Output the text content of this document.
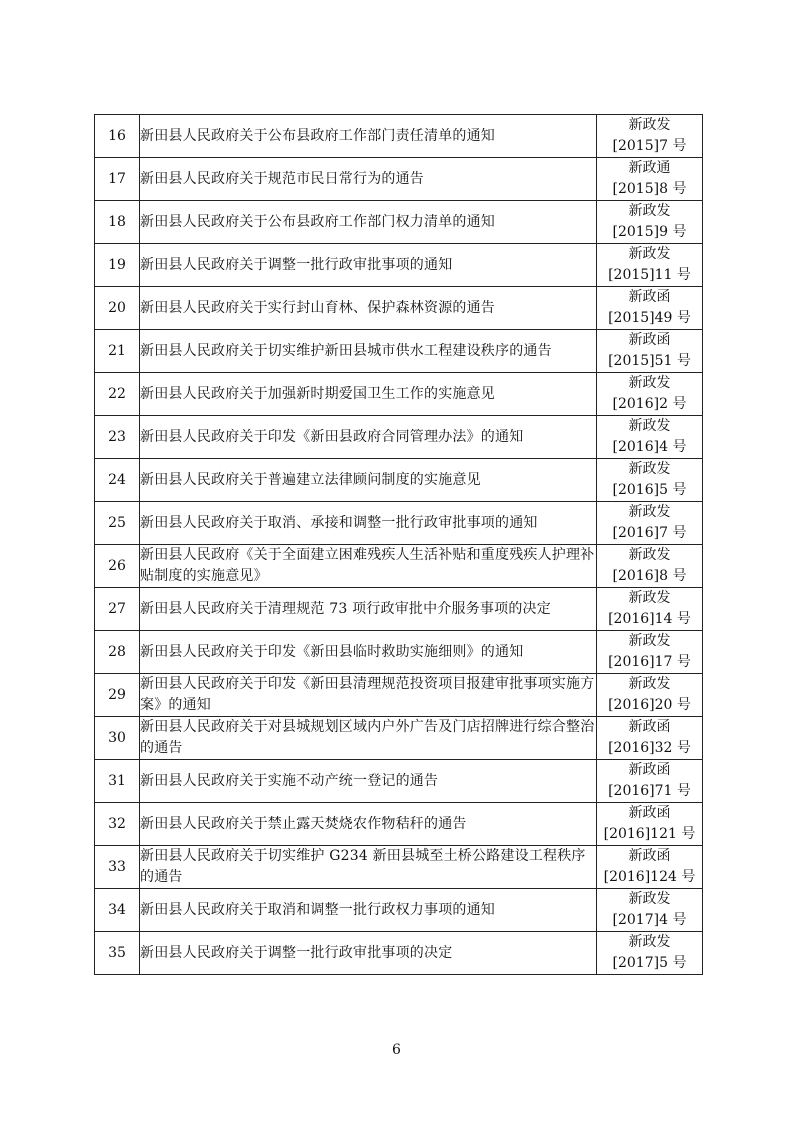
16	新田县人民政府关于公布县政府工作部门责任清单的通知	新政发
[2015]7 号

17	新田县人民政府关于规范市民日常行为的通告	新政通
[2015]8 号

18	新田县人民政府关于公布县政府工作部门权力清单的通知	新政发
[2015]9 号

19	新田县人民政府关于调整一批行政审批事项的通知	新政发
[2015]11 号

20	新田县人民政府关于实行封山育林、保护森林资源的通告	新政函
[2015]49 号

21	新田县人民政府关于切实维护新田县城市供水工程建设秩序的通告	新政函
[2015]51 号

22	新田县人民政府关于加强新时期爱国卫生工作的实施意见	新政发
[2016]2 号

23	新田县人民政府关于印发《新田县政府合同管理办法》的通知	新政发
[2016]4 号

24	新田县人民政府关于普遍建立法律顾问制度的实施意见	新政发
[2016]5 号

25	新田县人民政府关于取消、承接和调整一批行政审批事项的通知	新政发
[2016]7 号

26	新田县人民政府《关于全面建立困难残疾人生活补贴和重度残疾人护理补贴制度的实施意见》	新政发
[2016]8 号

27	新田县人民政府关于清理规范 73 项行政审批中介服务事项的决定	新政发
[2016]14 号

28	新田县人民政府关于印发《新田县临时救助实施细则》的通知	新政发
[2016]17 号

29	新田县人民政府关于印发《新田县清理规范投资项目报建审批事项实施方案》的通知	新政发
[2016]20 号

30	新田县人民政府关于对县城规划区域内户外广告及门店招牌进行综合整治的通告	新政函
[2016]32 号

31	新田县人民政府关于实施不动产统一登记的通告	新政函
[2016]71 号

32	新田县人民政府关于禁止露天焚烧农作物秸秆的通告	新政函
[2016]121 号

33	新田县人民政府关于切实维护 G234 新田县城至土桥公路建设工程秩序的通告	新政函
[2016]124 号

34	新田县人民政府关于取消和调整一批行政权力事项的通知	新政发
[2017]4 号

35	新田县人民政府关于调整一批行政审批事项的决定	新政发
[2017]5 号
6
